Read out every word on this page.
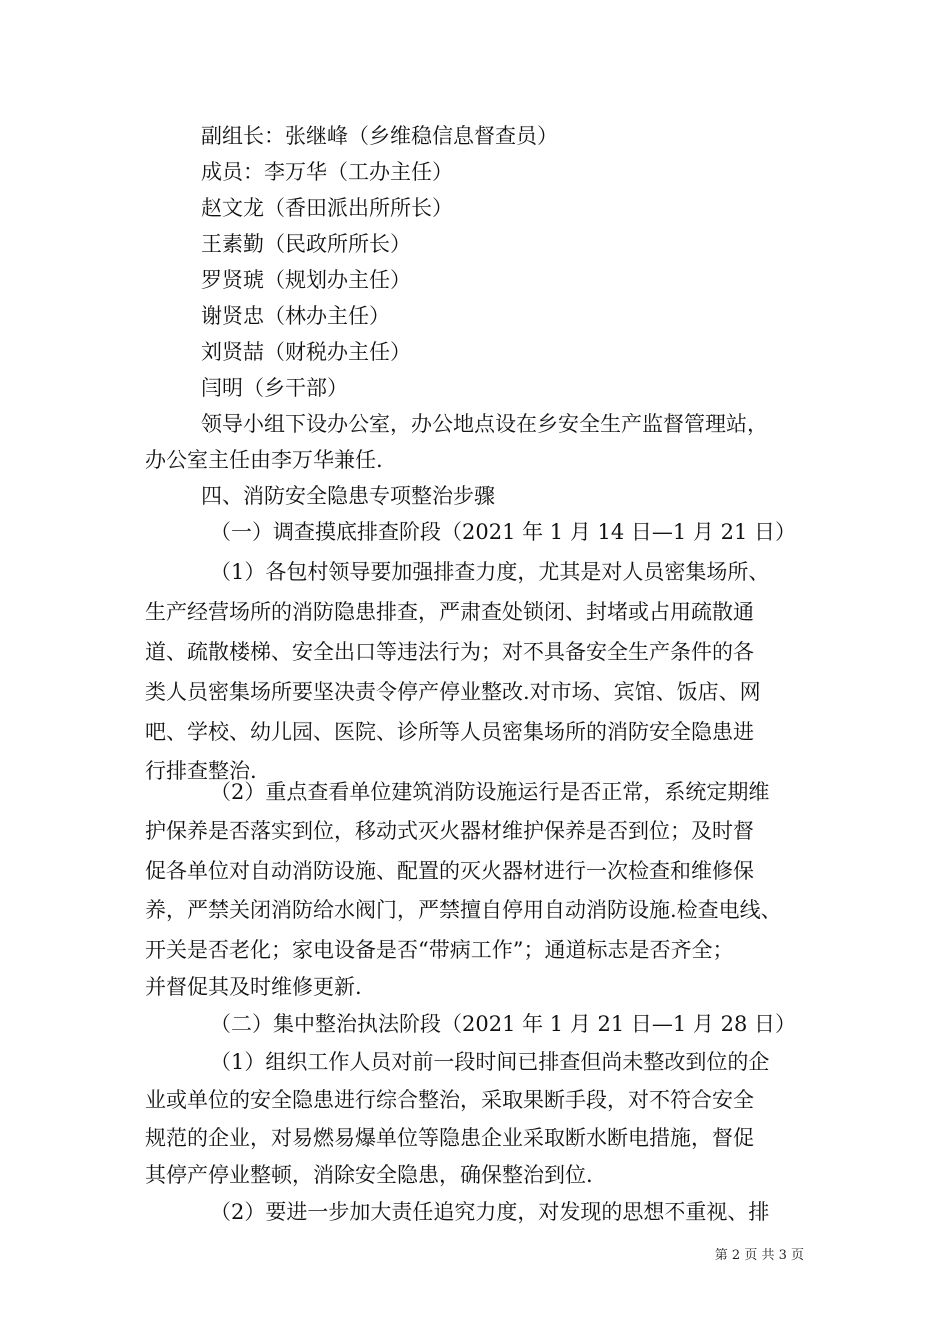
副组长：张继峰（乡维稳信息督查员）
成员：李万华（工办主任）
赵文龙（香田派出所所长）
王素勤（民政所所长）
罗贤琥（规划办主任）
谢贤忠（林办主任）
刘贤喆（财税办主任）
闫明（乡干部）
领导小组下设办公室，办公地点设在乡安全生产监督管理站，
办公室主任由李万华兼任.
四、消防安全隐患专项整治步骤
（一）调查摸底排查阶段（2021 年 1 月 14 日—1 月 21 日）
（1）各包村领导要加强排查力度，尤其是对人员密集场所、
生产经营场所的消防隐患排查，严肃查处锁闭、封堵或占用疏散通
道、疏散楼梯、安全出口等违法行为；对不具备安全生产条件的各
类人员密集场所要坚决责令停产停业整改.对市场、宾馆、饭店、网
吧、学校、幼儿园、医院、诊所等人员密集场所的消防安全隐患进
行排查整治.
（2）重点查看单位建筑消防设施运行是否正常，系统定期维
护保养是否落实到位，移动式灭火器材维护保养是否到位；及时督
促各单位对自动消防设施、配置的灭火器材进行一次检查和维修保
养，严禁关闭消防给水阀门，严禁擅自停用自动消防设施.检查电线、
开关是否老化；家电设备是否“带病工作”；通道标志是否齐全；
并督促其及时维修更新.
（二）集中整治执法阶段（2021 年 1 月 21 日—1 月 28 日）
（1）组织工作人员对前一段时间已排查但尚未整改到位的企
业或单位的安全隐患进行综合整治，采取果断手段，对不符合安全
规范的企业，对易燃易爆单位等隐患企业采取断水断电措施，督促
其停产停业整顿，消除安全隐患，确保整治到位.
（2）要进一步加大责任追究力度，对发现的思想不重视、排
第 2 页 共 3 页
